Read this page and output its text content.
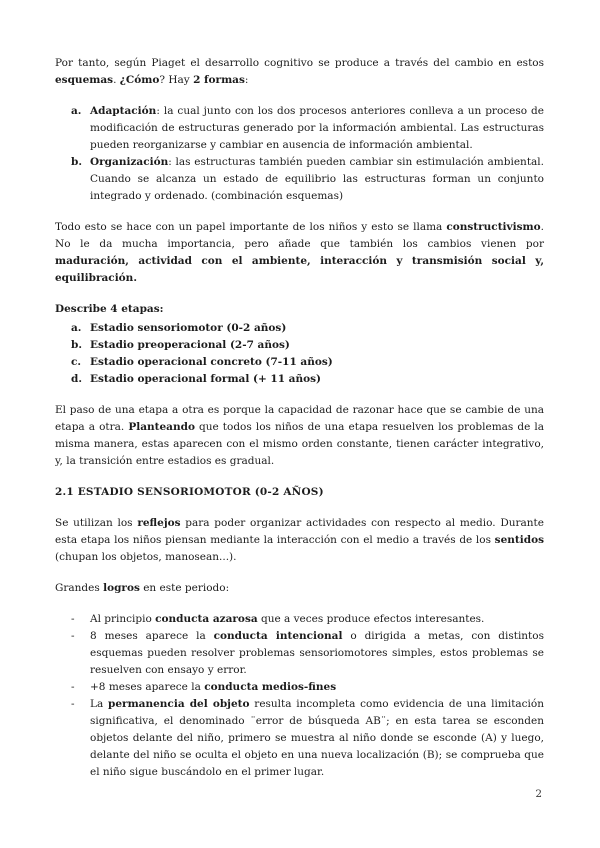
Por tanto, según Piaget el desarrollo cognitivo se produce a través del cambio en estos esquemas. ¿Cómo? Hay 2 formas:

a. Adaptación: la cual junto con los dos procesos anteriores conlleva a un proceso de modificación de estructuras generado por la información ambiental. Las estructuras pueden reorganizarse y cambiar en ausencia de información ambiental.
b. Organización: las estructuras también pueden cambiar sin estimulación ambiental. Cuando se alcanza un estado de equilibrio las estructuras forman un conjunto integrado y ordenado. (combinación esquemas)

Todo esto se hace con un papel importante de los niños y esto se llama constructivismo. No le da mucha importancia, pero añade que también los cambios vienen por maduración, actividad con el ambiente, interacción y transmisión social y, equilibración.

Describe 4 etapas:

a. Estadio sensoriomotor (0-2 años)
b. Estadio preoperacional (2-7 años)
c. Estadio operacional concreto (7-11 años)
d. Estadio operacional formal (+ 11 años)

El paso de una etapa a otra es porque la capacidad de razonar hace que se cambie de una etapa a otra. Planteando que todos los niños de una etapa resuelven los problemas de la misma manera, estas aparecen con el mismo orden constante, tienen carácter integrativo, y, la transición entre estadios es gradual.

2.1 ESTADIO SENSORIOMOTOR (0-2 AÑOS)

Se utilizan los reflejos para poder organizar actividades con respecto al medio. Durante esta etapa los niños piensan mediante la interacción con el medio a través de los sentidos (chupan los objetos, manosean...).

Grandes logros en este periodo:

-	Al principio conducta azarosa que a veces produce efectos interesantes.
-	8 meses aparece la conducta intencional o dirigida a metas, con distintos esquemas pueden resolver problemas sensoriomotores simples, estos problemas se resuelven con ensayo y error.
-	+8 meses aparece la conducta medios-fines
-	La permanencia del objeto resulta incompleta como evidencia de una limitación significativa, el denominado ¨error de búsqueda AB¨; en esta tarea se esconden objetos delante del niño, primero se muestra al niño donde se esconde (A) y luego, delante del niño se oculta el objeto en una nueva localización (B); se comprueba que el niño sigue buscándolo en el primer lugar.
2
